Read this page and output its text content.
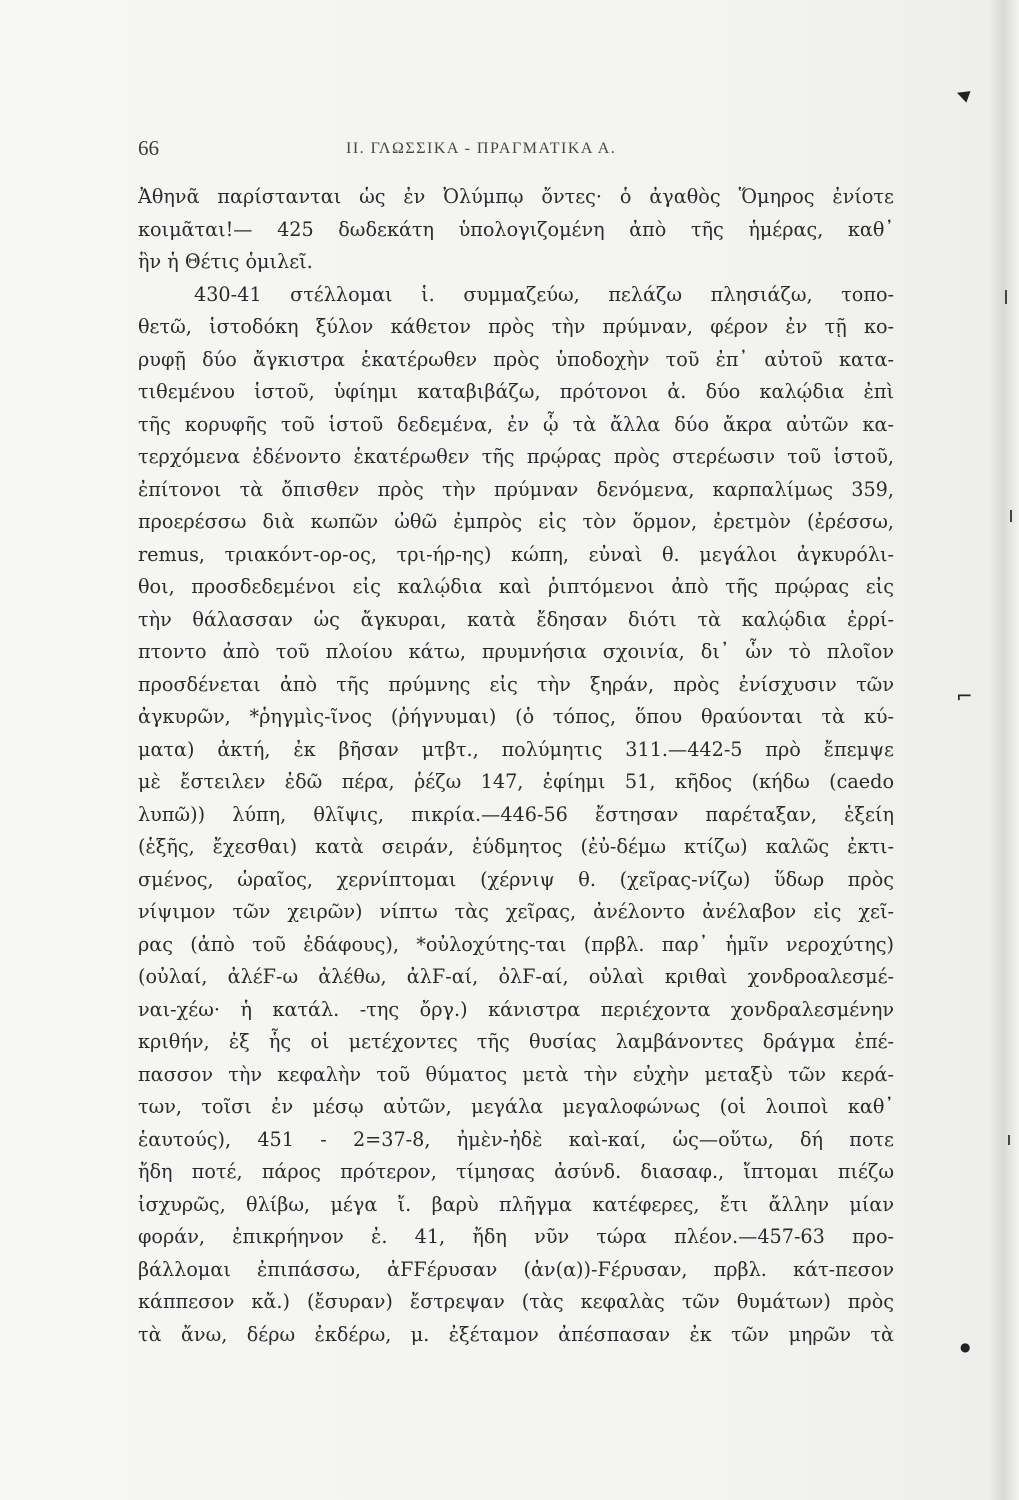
66	II. ΓΛΩΣΣΙΚΑ - ΠΡΑΓΜΑΤΙΚΑ Α.
Ἀθηνᾶ παρίστανται ὡς ἐν Ὀλύμπῳ ὄντες· ὁ ἀγαθὸς Ὅμηρος ἐνίοτε
κοιμᾶται!— 425 δωδεκάτη ὑπολογιζομένη ἀπὸ τῆς ἡμέρας, καθ᾽
ἣν ἡ Θέτις ὁμιλεῖ.
430-41 στέλλομαι ἱ. συμμαζεύω, πελάζω πλησιάζω, τοπο-
θετῶ, ἱστοδόκη ξύλον κάθετον πρὸς τὴν πρύμναν, φέρον ἐν τῇ κο-
ρυφῇ δύο ἄγκιστρα ἑκατέρωθεν πρὸς ὑποδοχὴν τοῦ ἐπ᾽ αὐτοῦ κατα-
τιθεμένου ἱστοῦ, ὑφίημι καταβιβάζω, πρότονοι ἀ. δύο καλῴδια ἐπὶ
τῆς κορυφῆς τοῦ ἱστοῦ δεδεμένα, ἐν ᾧ τὰ ἄλλα δύο ἄκρα αὐτῶν κα-
τερχόμενα ἐδένοντο ἑκατέρωθεν τῆς πρῴρας πρὸς στερέωσιν τοῦ ἱστοῦ,
ἐπίτονοι τὰ ὄπισθεν πρὸς τὴν πρύμναν δενόμενα, καρπαλίμως 359,
προερέσσω διὰ κωπῶν ὠθῶ ἐμπρὸς εἰς τὸν ὅρμον, ἐρετμὸν (ἐρέσσω,
remus, τριακόντ-ορ-ος, τρι-ήρ-ης) κώπη, εὐναὶ θ. μεγάλοι ἀγκυρόλι-
θοι, προσδεδεμένοι εἰς καλῴδια καὶ ῥιπτόμενοι ἀπὸ τῆς πρῴρας εἰς
τὴν θάλασσαν ὡς ἄγκυραι, κατὰ ἔδησαν διότι τὰ καλῴδια ἐρρί-
πτοντο ἀπὸ τοῦ πλοίου κάτω, πρυμνήσια σχοινία, δι᾽ ὧν τὸ πλοῖον
προσδένεται ἀπὸ τῆς πρύμνης εἰς τὴν ξηράν, πρὸς ἐνίσχυσιν τῶν
ἀγκυρῶν, *ῥηγμὶς-ῖνος (ῥήγνυμαι) (ὁ τόπος, ὅπου θραύονται τὰ κύ-
ματα) ἀκτή, ἐκ βῆσαν μτβτ., πολύμητις 311.—442-5 πρὸ ἔπεμψε
μὲ ἔστειλεν ἐδῶ πέρα, ῥέζω 147, ἐφίημι 51, κῆδος (κήδω (caedo
λυπῶ)) λύπη, θλῖψις, πικρία.—446-56 ἔστησαν παρέταξαν, ἑξείη
(ἑξῆς, ἔχεσθαι) κατὰ σειράν, ἐύδμητος (ἐὐ-δέμω κτίζω) καλῶς ἐκτι-
σμένος, ὡραῖος, χερνίπτομαι (χέρνιψ θ. (χεῖρας-νίζω) ὕδωρ πρὸς
νίψιμον τῶν χειρῶν) νίπτω τὰς χεῖρας, ἀνέλοντο ἀνέλαβον εἰς χεῖ-
ρας (ἀπὸ τοῦ ἐδάφους), *οὐλοχύτης-ται (πρβλ. παρ᾽ ἡμῖν νεροχύτης)
(οὐλαί, ἀλέϜ-ω ἀλέθω, ἀλϜ-αί, ὀλϜ-αί, οὐλαὶ κριθαὶ χονδροαλεσμέ-
ναι-χέω· ἡ κατάλ. -της ὄργ.) κάνιστρα περιέχοντα χονδραλεσμένην
κριθήν, ἐξ ἧς οἱ μετέχοντες τῆς θυσίας λαμβάνοντες δράγμα ἐπέ-
πασσον τὴν κεφαλὴν τοῦ θύματος μετὰ τὴν εὐχὴν μεταξὺ τῶν κερά-
των, τοῖσι ἐν μέσῳ αὐτῶν, μεγάλα μεγαλοφώνως (οἱ λοιποὶ καθ᾽
ἑαυτούς), 451 - 2=37-8, ἠμὲν-ἠδὲ καὶ-καί, ὡς—οὕτω, δή ποτε
ἤδη ποτέ, πάρος πρότερον, τίμησας ἀσύνδ. διασαφ., ἴπτομαι πιέζω
ἰσχυρῶς, θλίβω, μέγα ἴ. βαρὺ πλῆγμα κατέφερες, ἔτι ἄλλην μίαν
φοράν, ἐπικρήηνον ἐ. 41, ἤδη νῦν τώρα πλέον.—457-63 προ-
βάλλομαι ἐπιπάσσω, ἀϜϜέρυσαν (ἀν(α))-Ϝέρυσαν, πρβλ. κάτ-πεσον
κάππεσον κἄ.) (ἔσυραν) ἔστρεψαν (τὰς κεφαλὰς τῶν θυμάτων) πρὸς
τὰ ἄνω, δέρω ἐκδέρω, μ. ἐξέταμον ἀπέσπασαν ἐκ τῶν μηρῶν τὰ
◀
⌐
●
